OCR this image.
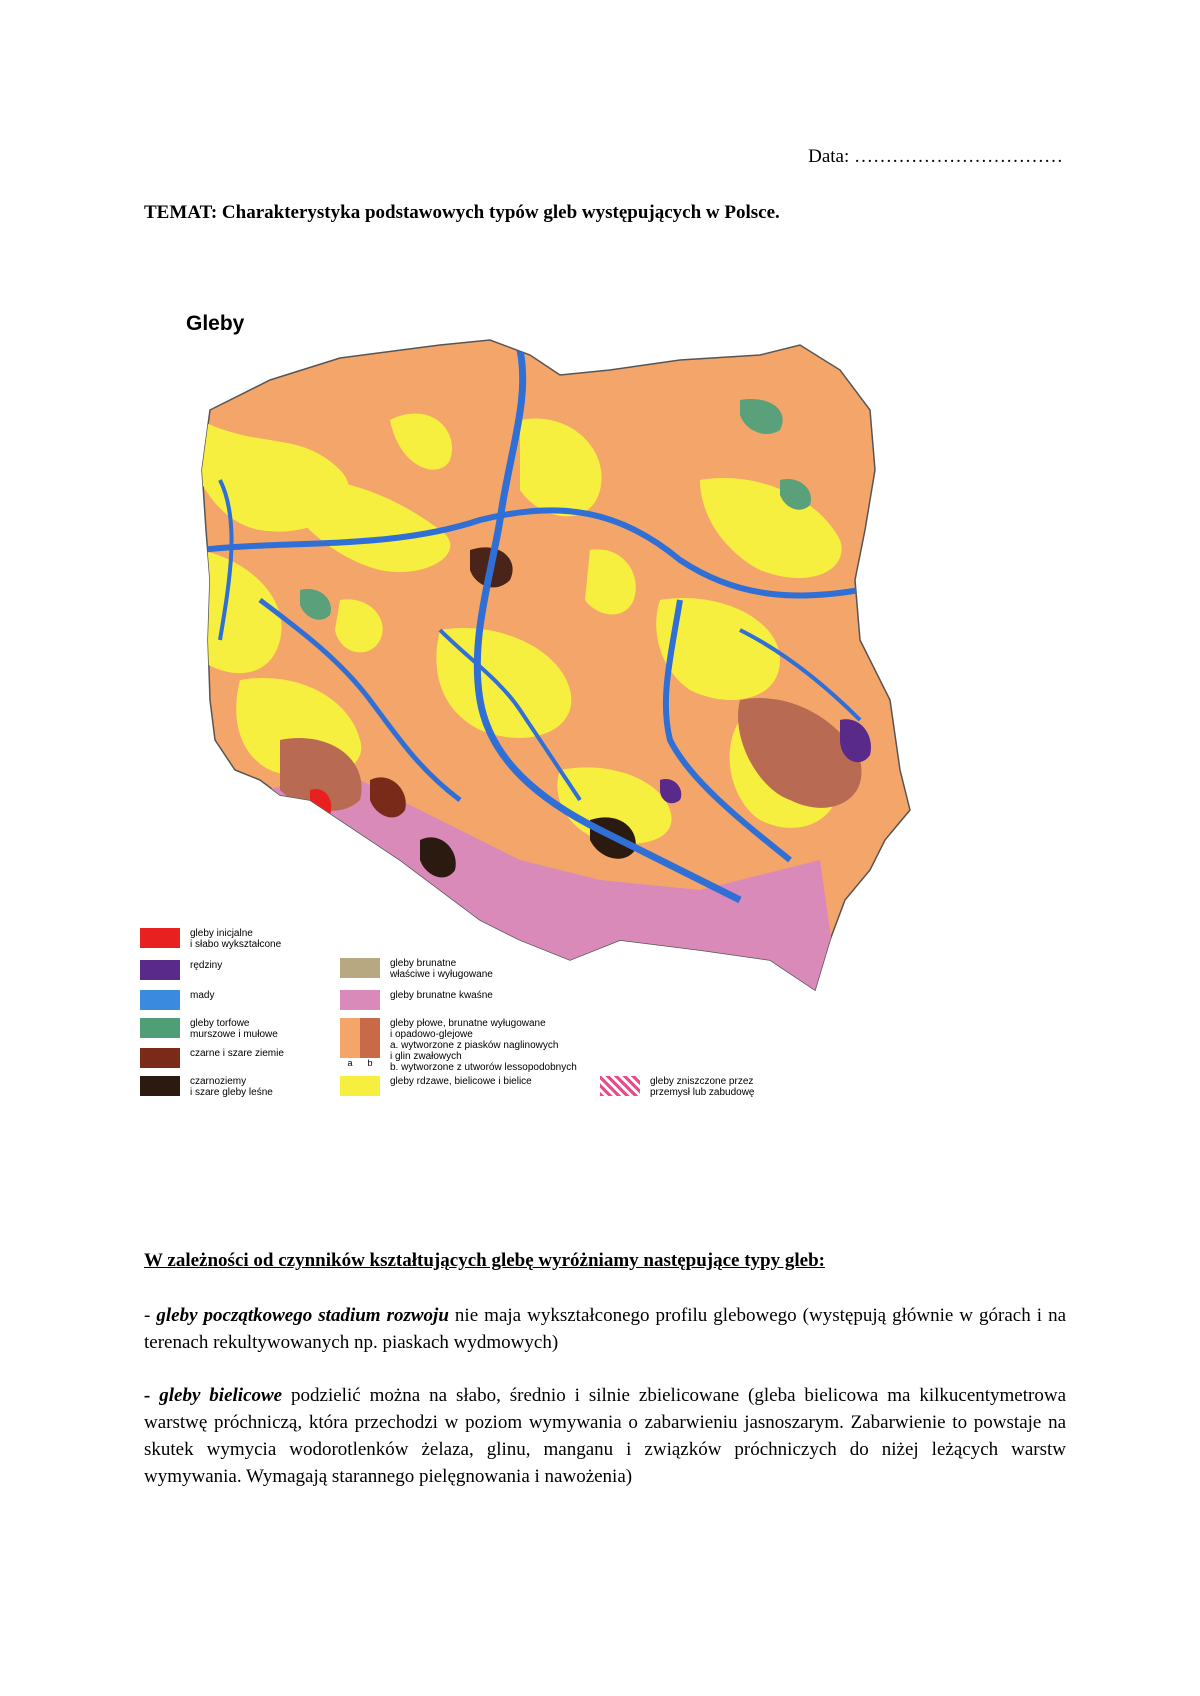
Data: ……………………………
TEMAT: Charakterystyka podstawowych typów gleb występujących w Polsce.
Gleby
gleby inicjalne
i słabo wykształcone
rędziny
mady
gleby torfowe
murszowe i mułowe
czarne i szare ziemie
czarnoziemy
i szare gleby leśne
gleby brunatne
właściwe i wyługowane
gleby brunatne kwaśne
a b
gleby płowe, brunatne wyługowane
i opadowo-glejowe
a. wytworzone z piasków naglinowych
i glin zwałowych
b. wytworzone z utworów lessopodobnych
gleby rdzawe, bielicowe i bielice	gleby zniszczone przez
przemysł lub zabudowę
W zależności od czynników kształtujących glebę wyróżniamy następujące typy gleb:
- gleby początkowego stadium rozwoju nie maja wykształconego profilu glebowego (występują głównie w górach i na terenach rekultywowanych np. piaskach wydmowych)
- gleby bielicowe podzielić można na słabo, średnio i silnie zbielicowane (gleba bielicowa ma kilkucentymetrowa warstwę próchniczą, która przechodzi w poziom wymywania o zabarwieniu jasnoszarym. Zabarwienie to powstaje na skutek wymycia wodorotlenków żelaza, glinu, manganu i związków próchniczych do niżej leżących warstw wymywania. Wymagają starannego pielęgnowania i nawożenia)
